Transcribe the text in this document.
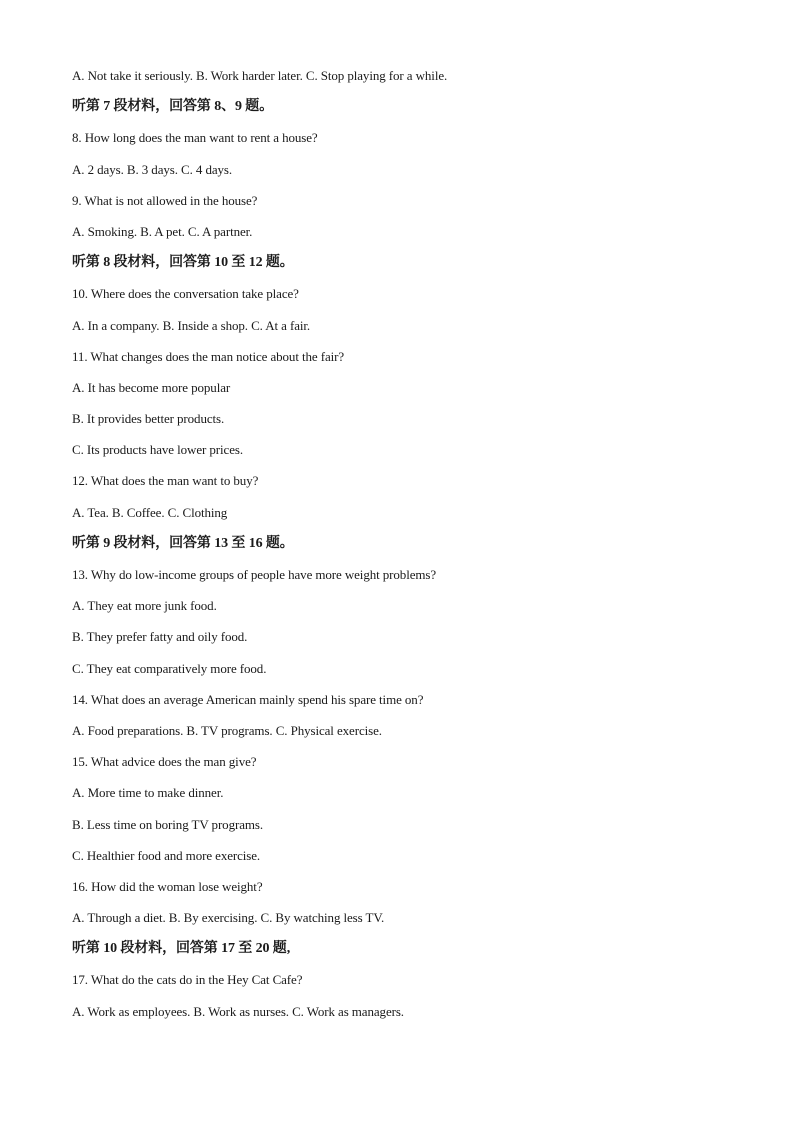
A. Not take it seriously. B. Work harder later. C. Stop playing for a while.
听第 7 段材料，回答第 8、9 题。
8. How long does the man want to rent a house?
A. 2 days. B. 3 days. C. 4 days.
9. What is not allowed in the house?
A. Smoking. B. A pet. C. A partner.
听第 8 段材料，回答第 10 至 12 题。
10. Where does the conversation take place?
A. In a company. B. Inside a shop. C. At a fair.
11. What changes does the man notice about the fair?
A. It has become more popular
B. It provides better products.
C. Its products have lower prices.
12. What does the man want to buy?
A. Tea. B. Coffee. C. Clothing
听第 9 段材料，回答第 13 至 16 题。
13. Why do low-income groups of people have more weight problems?
A. They eat more junk food.
B. They prefer fatty and oily food.
C. They eat comparatively more food.
14. What does an average American mainly spend his spare time on?
A. Food preparations. B. TV programs. C. Physical exercise.
15. What advice does the man give?
A. More time to make dinner.
B. Less time on boring TV programs.
C. Healthier food and more exercise.
16. How did the woman lose weight?
A. Through a diet. B. By exercising. C. By watching less TV.
听第 10 段材料，回答第 17 至 20 题,
17. What do the cats do in the Hey Cat Cafe?
A. Work as employees. B. Work as nurses. C. Work as managers.
